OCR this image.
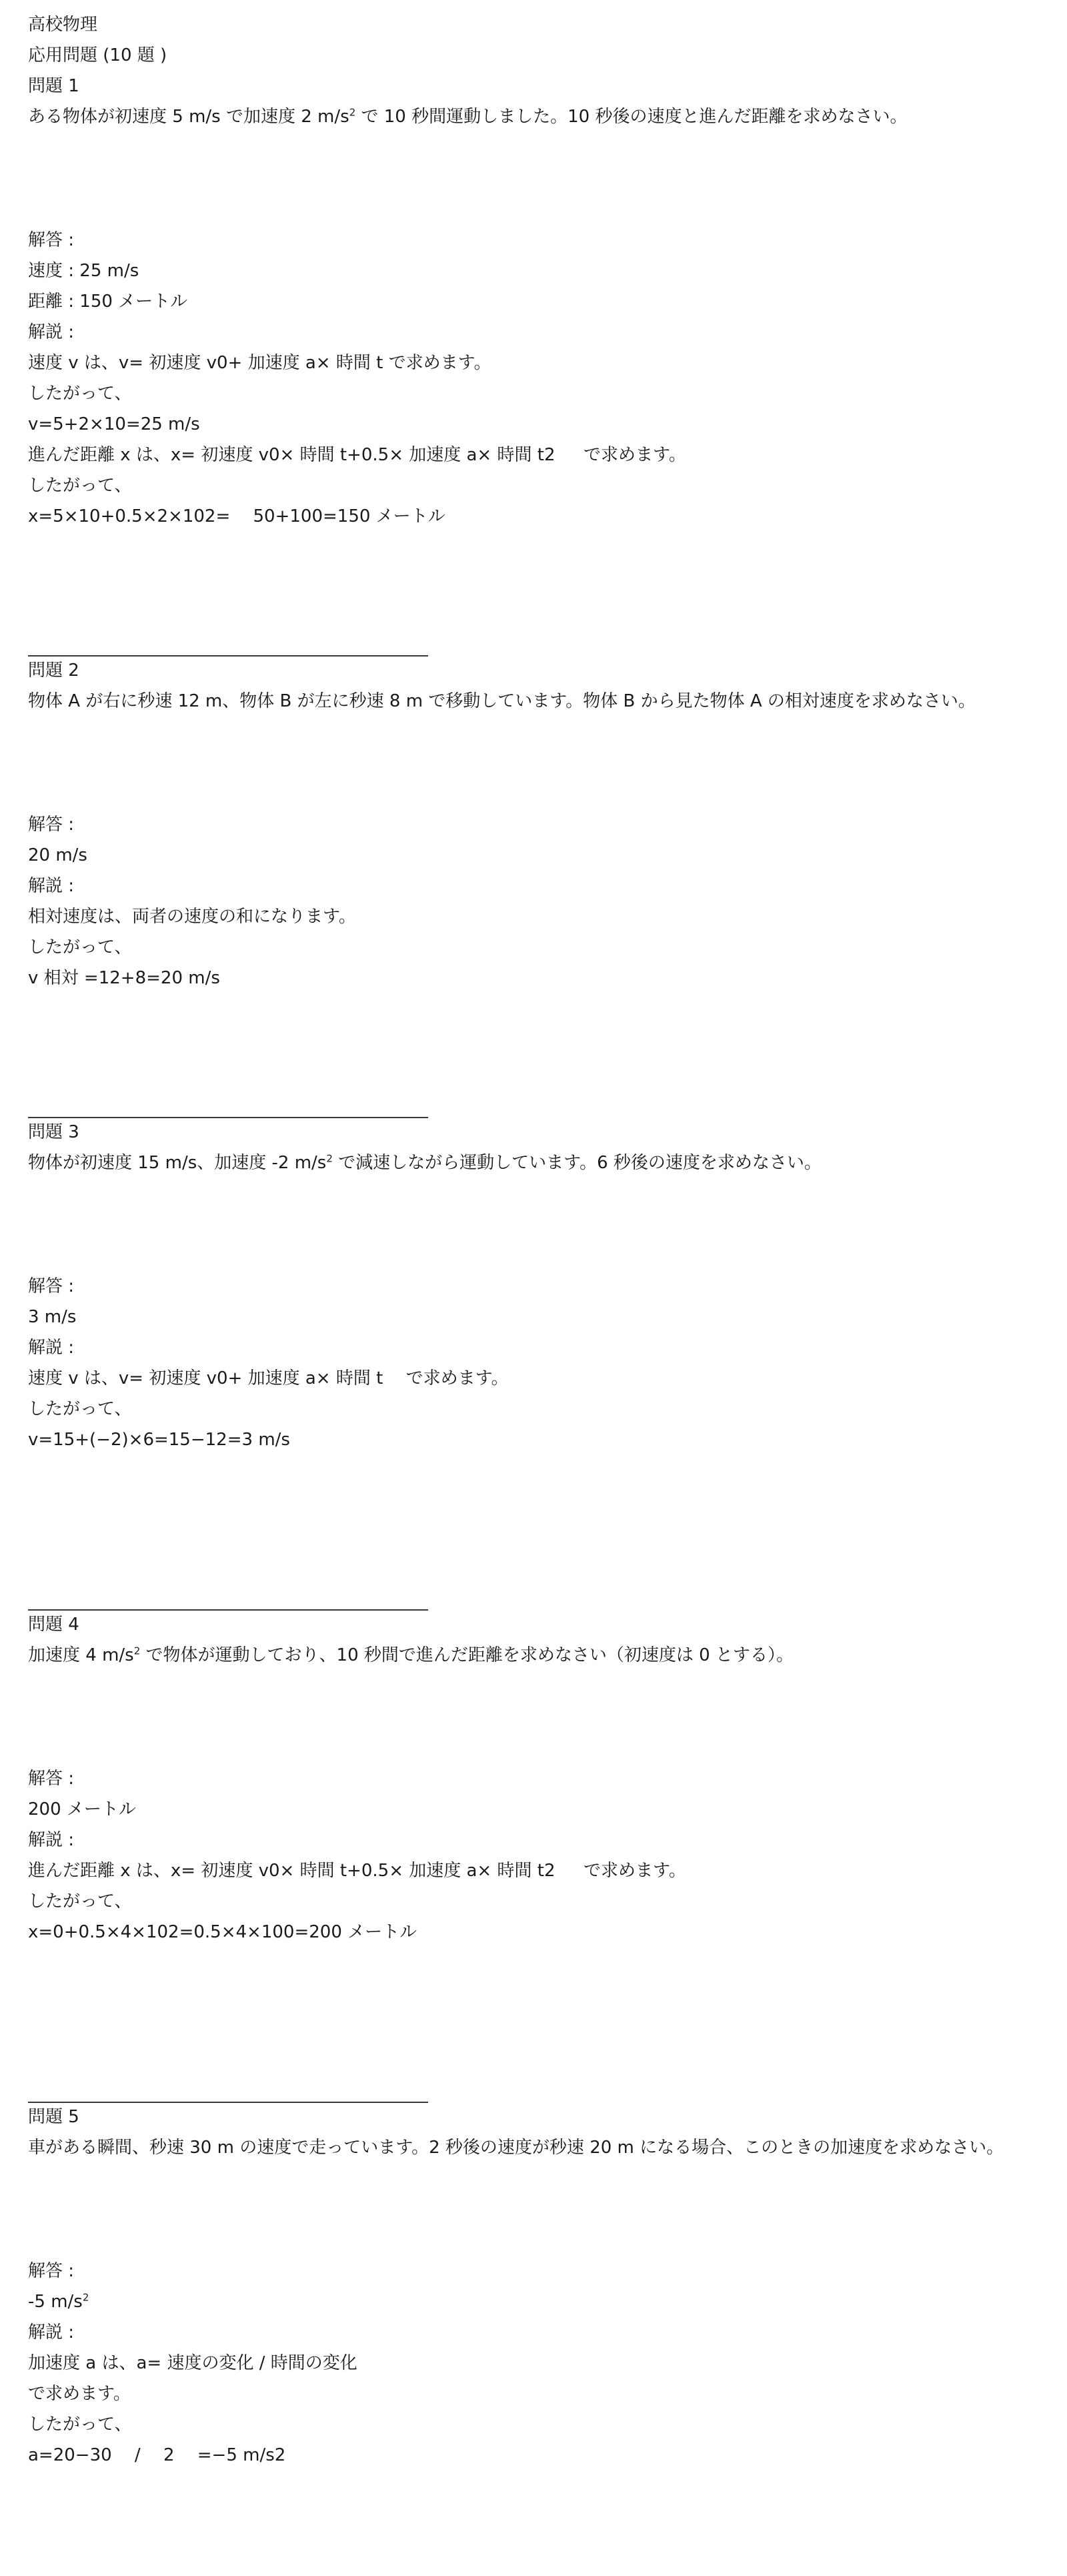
高校物理
応用問題 (10 題 )
問題 1
ある物体が初速度 5 m/s で加速度 2 $m/s^2$ で 10 秒間運動しました。10 秒後の速度と進んだ距離を求めなさい。
解答 :
速度 : 25 m/s
距離 : 150 メートル
解説 :
速度 v は、v= 初速度 v0+ 加速度 a× 時間 t で求めます。
したがって、
v=5+2×10=25 m/s
進んだ距離 x は、x= 初速度 v0× 時間 t+0.5× 加速度 a× 時間 t2 　 で求めます。
したがって、
x=5×10+0.5×2×102= 　50+100=150 メートル
問題 2
物体 A が右に秒速 12 m、物体 B が左に秒速 8 m で移動しています。物体 B から見た物体 A の相対速度を求めなさい。
解答 :
20 m/s
解説 :
相対速度は、両者の速度の和になります。
したがって、
v 相対 =12+8=20 m/s
問題 3
物体が初速度 15 m/s、加速度 -2 $m/s^2$ で減速しながら運動しています。6 秒後の速度を求めなさい。
解答 :
3 m/s
解説 :
速度 v は、v= 初速度 v0+ 加速度 a× 時間 t 　で求めます。
したがって、
v=15+(−2)×6=15−12=3 m/s
問題 4
加速度 4 $m/s^2$ で物体が運動しており、10 秒間で進んだ距離を求めなさい（初速度は 0 とする）。
解答 :
200 メートル
解説 :
進んだ距離 x は、x= 初速度 v0× 時間 t+0.5× 加速度 a× 時間 t2 　 で求めます。
したがって、
x=0+0.5×4×102=0.5×4×100=200 メートル
問題 5
車がある瞬間、秒速 30 m の速度で走っています。2 秒後の速度が秒速 20 m になる場合、このときの加速度を求めなさい。
解答 :
-5 $m/s^2$
解説 :
加速度 a は、a= 速度の変化 / 時間の変化
で求めます。
したがって、
a=20−30 　/ 　2 　=−5 m/s2
